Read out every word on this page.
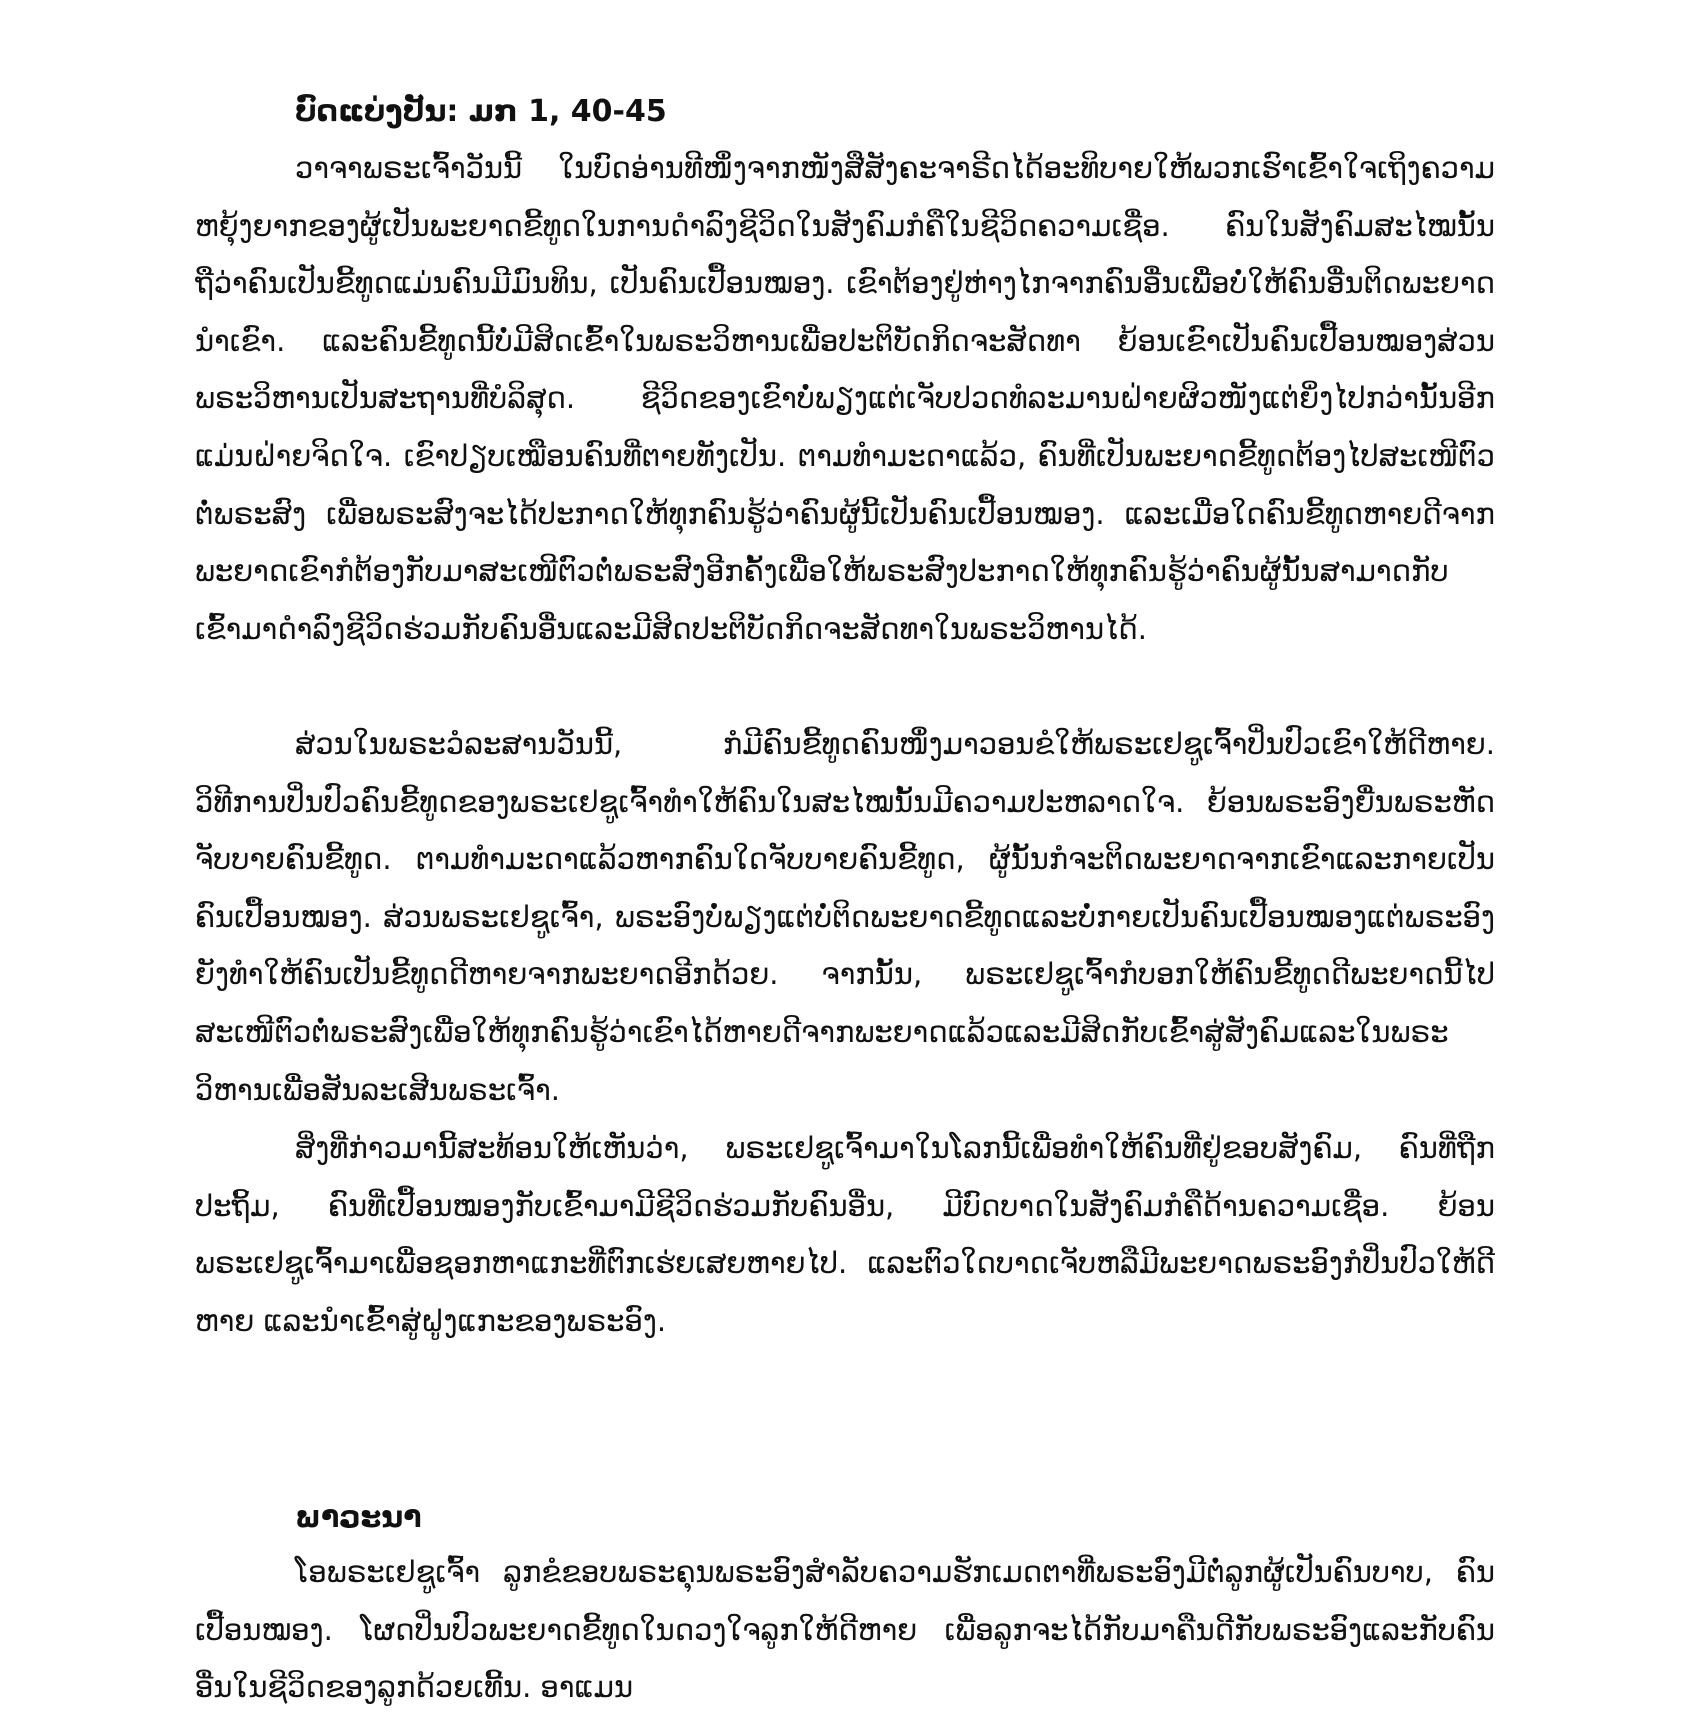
ບົດແບ່ງປັນ: ມກ 1, 40-45

ວາຈາພຣະເຈົ້າວັນນີ້ ໃນບົດອ່ານທີໜຶ່ງຈາກໜັງສືສັງຄະຈາຣີດໄດ້ອະທິບາຍໃຫ້ພວກເຮົາເຂົ້າໃຈເຖິງຄວາມຫຍຸ້ງຍາກຂອງຜູ້ເປັນພະຍາດຂີ້ທູດໃນການດຳລົງຊີວິດໃນສັງຄົມກໍຄືໃນຊີວິດຄວາມເຊື່ອ. ຄົນໃນສັງຄົມສະໄໝນັ້ນຖືວ່າຄົນເປັນຂີ້ທູດແມ່ນຄົນມີມົນທິນ, ເປັນຄົນເປື້ອນໝອງ. ເຂົາຕ້ອງຢູ່ຫ່າງໄກຈາກຄົນອື່ນເພື່ອບໍ່ໃຫ້ຄົນອື່ນຕິດພະຍາດນຳເຂົາ. ແລະຄົນຂີ້ທູດນີ້ບໍ່ມີສິດເຂົ້າໃນພຣະວິຫານເພື່ອປະຕິບັດກິດຈະສັດທາ ຍ້ອນເຂົາເປັນຄົນເປື້ອນໝອງສ່ວນພຣະວິຫານເປັນສະຖານທີ່ບໍລິສຸດ. ຊີວິດຂອງເຂົາບໍ່ພຽງແຕ່ເຈັບປວດທໍລະມານຝ່າຍຜິວໜັງແຕ່ຍິ່ງໄປກວ່ານັ້ນອີກແມ່ນຝ່າຍຈິດໃຈ. ເຂົາປຽບເໝືອນຄົນທີ່ຕາຍທັງເປັນ. ຕາມທຳມະດາແລ້ວ, ຄົນທີ່ເປັນພະຍາດຂີ້ທູດຕ້ອງໄປສະເໜີຕົວຕໍ່ພຣະສົງ ເພື່ອພຣະສົງຈະໄດ້ປະກາດໃຫ້ທຸກຄົນຮູ້ວ່າຄົນຜູ້ນີ້ເປັນຄົນເປື້ອນໝອງ. ແລະເມື່ອໃດຄົນຂີ້ທູດຫາຍດີຈາກພະຍາດເຂົາກໍຕ້ອງກັບມາສະເໜີຕົວຕໍ່ພຣະສົງອີກຄັ້ງເພື່ອໃຫ້ພຣະສົງປະກາດໃຫ້ທຸກຄົນຮູ້ວ່າຄົນຜູ້ນັ້ນສາມາດກັບເຂົ້າມາດຳລົງຊີວິດຮ່ວມກັບຄົນອື່ນແລະມີສິດປະຕິບັດກິດຈະສັດທາໃນພຣະວິຫານໄດ້.

ສ່ວນໃນພຣະວໍລະສານວັນນີ້, ກໍມີຄົນຂີ້ທູດຄົນໜຶ່ງມາວອນຂໍໃຫ້ພຣະເຢຊູເຈົ້າປິ່ນປົວເຂົາໃຫ້ດີຫາຍ. ວິທີການປິ່ນປົວຄົນຂີ້ທູດຂອງພຣະເຢຊູເຈົ້າທຳໃຫ້ຄົນໃນສະໄໝນັ້ນມີຄວາມປະຫລາດໃຈ. ຍ້ອນພຣະອົງຍື່ນພຣະຫັດຈັບບາຍຄົນຂີ້ທູດ. ຕາມທຳມະດາແລ້ວຫາກຄົນໃດຈັບບາຍຄົນຂີ້ທູດ, ຜູ້ນັ້ນກໍຈະຕິດພະຍາດຈາກເຂົາແລະກາຍເປັນຄົນເປື້ອນໝອງ. ສ່ວນພຣະເຢຊູເຈົ້າ, ພຣະອົງບໍ່ພຽງແຕ່ບໍ່ຕິດພະຍາດຂີ້ທູດແລະບໍ່ກາຍເປັນຄົນເປື້ອນໝອງແຕ່ພຣະອົງຍັງທຳໃຫ້ຄົນເປັນຂີ້ທູດດີຫາຍຈາກພະຍາດອີກດ້ວຍ. ຈາກນັ້ນ, ພຣະເຢຊູເຈົ້າກໍບອກໃຫ້ຄົນຂີ້ທູດດີພະຍາດນີ້ໄປສະເໜີຕົວຕໍ່ພຣະສົງເພື່ອໃຫ້ທຸກຄົນຮູ້ວ່າເຂົາໄດ້ຫາຍດີຈາກພະຍາດແລ້ວແລະມີສິດກັບເຂົ້າສູ່ສັງຄົມແລະໃນພຣະວິຫານເພື່ອສັນລະເສີນພຣະເຈົ້າ.

ສິ່ງທີ່ກ່າວມານີ້ສະທ້ອນໃຫ້ເຫັນວ່າ, ພຣະເຢຊູເຈົ້າມາໃນໂລກນີ້ເພື່ອທຳໃຫ້ຄົນທີ່ຢູ່ຂອບສັງຄົມ, ຄົນທີ່ຖືກປະຖິ້ມ, ຄົນທີ່ເປື້ອນໝອງກັບເຂົ້າມາມີຊີວິດຮ່ວມກັບຄົນອື່ນ, ມີບົດບາດໃນສັງຄົມກໍຄືດ້ານຄວາມເຊື່ອ. ຍ້ອນພຣະເຢຊູເຈົ້າມາເພື່ອຊອກຫາແກະທີ່ຕົກເຮ່ຍເສຍຫາຍໄປ. ແລະຕົວໃດບາດເຈັບຫລືມີພະຍາດພຣະອົງກໍປິ່ນປົວໃຫ້ດີຫາຍ ແລະນຳເຂົ້າສູ່ຝູງແກະຂອງພຣະອົງ.

ພາວະນາ

ໂອພຣະເຢຊູເຈົ້າ ລູກຂໍຂອບພຣະຄຸນພຣະອົງສຳລັບຄວາມຮັກເມດຕາທີ່ພຣະອົງມີຕໍ່ລູກຜູ້ເປັນຄົນບາບ, ຄົນເປື້ອນໝອງ. ໂຜດປິ່ນປົວພະຍາດຂີ້ທູດໃນດວງໃຈລູກໃຫ້ດີຫາຍ ເພື່ອລູກຈະໄດ້ກັບມາຄືນດີກັບພຣະອົງແລະກັບຄົນອື່ນໃນຊີວິດຂອງລູກດ້ວຍເທີ້ນ. ອາແມນ
